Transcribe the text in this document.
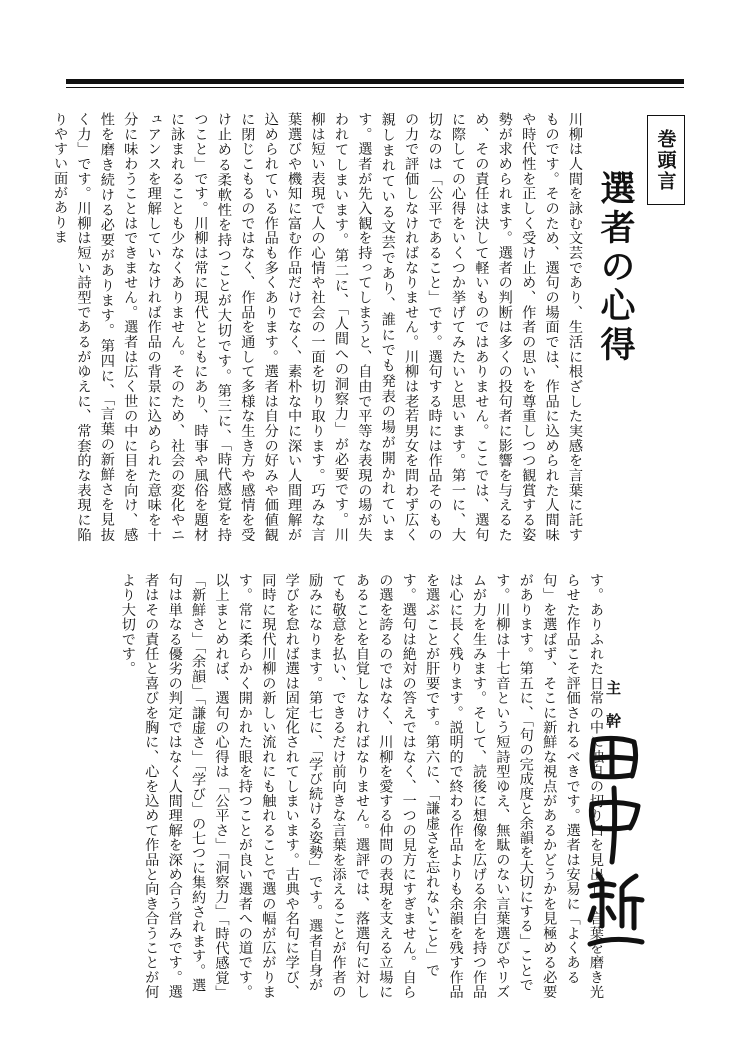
巻頭言
選者の心得

川柳は人間を詠む文芸であり、生活に根ざした実感を言葉に託すものです。そのため、選句の場面では、作品に込められた人間味や時代性を正しく受け止め、作者の思いを尊重しつつ観賞する姿勢が求められます。選者の判断は多くの投句者に影響を与えるため、その責任は決して軽いものではありません。ここでは、選句に際しての心得をいくつか挙げてみたいと思います。第一に、大切なのは「公平であること」です。選句する時には作品そのものの力で評価しなければなりません。川柳は老若男女を問わず広く親しまれている文芸であり、誰にでも発表の場が開かれています。選者が先入観を持ってしまうと、自由で平等な表現の場が失われてしまいます。第二に、「人間への洞察力」が必要です。川柳は短い表現で人の心情や社会の一面を切り取ります。巧みな言葉選びや機知に富む作品だけでなく、素朴な中に深い人間理解が込められている作品も多くあります。選者は自分の好みや価値観に閉じこもるのではなく、作品を通して多様な生き方や感情を受け止める柔軟性を持つことが大切です。第三に、「時代感覚を持つこと」です。川柳は常に現代とともにあり、時事や風俗を題材に詠まれることも少なくありません。そのため、社会の変化やニュアンスを理解していなければ作品の背景に込められた意味を十分に味わうことはできません。選者は広く世の中に目を向け、感性を磨き続ける必要があります。第四に、「言葉の新鮮さを見抜く力」です。川柳は短い詩型であるがゆえに、常套的な表現に陥りやすい面がありま

す。ありふれた日常の中に独自の切り口を見出し、言葉を磨き光らせた作品こそ評価されるべきです。選者は安易に「よくある句」を選ばず、そこに新鮮な視点があるかどうかを見極める必要があります。第五に、「句の完成度と余韻を大切にする」ことです。川柳は十七音という短詩型ゆえ、無駄のない言葉選びやリズムが力を生みます。そして、読後に想像を広げる余白を持つ作品は心に長く残ります。説明的で終わる作品よりも余韻を残す作品を選ぶことが肝要です。第六に、「謙虚さを忘れないこと」です。選句は絶対の答えではなく、一つの見方にすぎません。自らの選を誇るのではなく、川柳を愛する仲間の表現を支える立場にあることを自覚しなければなりません。選評では、落選句に対しても敬意を払い、できるだけ前向きな言葉を添えることが作者の励みになります。第七に、「学び続ける姿勢」です。選者自身が学びを怠れば選は固定化されてしまいます。古典や名句に学び、同時に現代川柳の新しい流れにも触れることで選の幅が広がります。常に柔らかく開かれた眼を持つことが良い選者への道です。以上まとめれば、選句の心得は「公平さ」「洞察力」「時代感覚」「新鮮さ」「余韻」「謙虚さ」「学び」の七つに集約されます。選句は単なる優劣の判定ではなく人間理解を深め合う営みです。選者はその責任と喜びを胸に、心を込めて作品と向き合うことが何より大切です。

主幹
